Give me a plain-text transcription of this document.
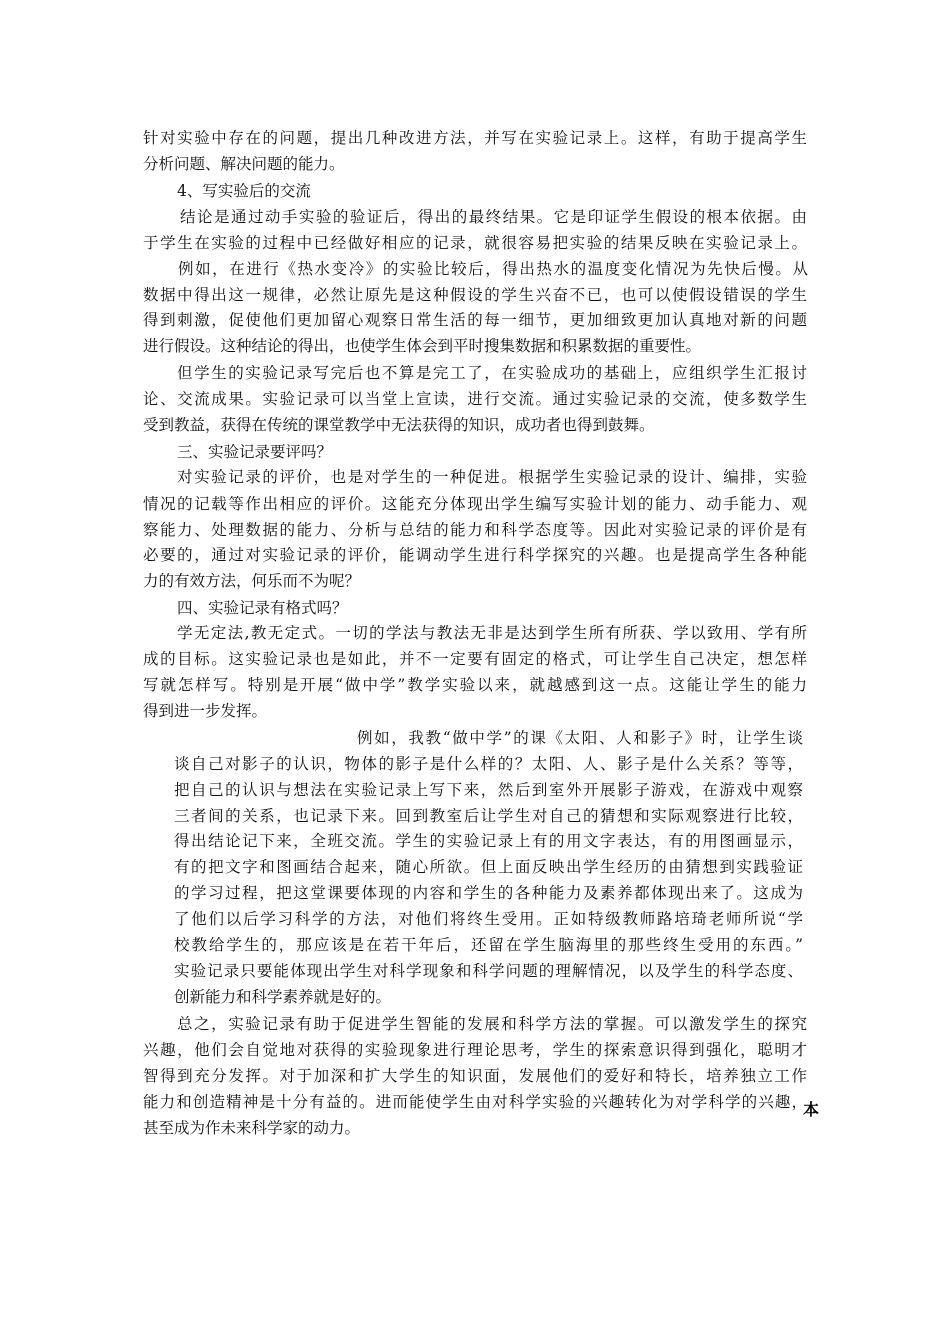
针对实验中存在的问题，提出几种改进方法，并写在实验记录上。这样，有助于提高学生
分析问题、解决问题的能力。
4、写实验后的交流
结论是通过动手实验的验证后，得出的最终结果。它是印证学生假设的根本依据。由
于学生在实验的过程中已经做好相应的记录，就很容易把实验的结果反映在实验记录上。
例如，在进行《热水变冷》的实验比较后，得出热水的温度变化情况为先快后慢。从
数据中得出这一规律，必然让原先是这种假设的学生兴奋不已，也可以使假设错误的学生
得到刺激，促使他们更加留心观察日常生活的每一细节，更加细致更加认真地对新的问题
进行假设。这种结论的得出，也使学生体会到平时搜集数据和积累数据的重要性。
但学生的实验记录写完后也不算是完工了，在实验成功的基础上，应组织学生汇报讨
论、交流成果。实验记录可以当堂上宣读，进行交流。通过实验记录的交流，使多数学生
受到教益，获得在传统的课堂教学中无法获得的知识，成功者也得到鼓舞。
三、实验记录要评吗？
对实验记录的评价，也是对学生的一种促进。根据学生实验记录的设计、编排，实验
情况的记载等作出相应的评价。这能充分体现出学生编写实验计划的能力、动手能力、观
察能力、处理数据的能力、分析与总结的能力和科学态度等。因此对实验记录的评价是有
必要的，通过对实验记录的评价，能调动学生进行科学探究的兴趣。也是提高学生各种能
力的有效方法，何乐而不为呢？
四、实验记录有格式吗？
学无定法,教无定式。一切的学法与教法无非是达到学生所有所获、学以致用、学有所
成的目标。这实验记录也是如此，并不一定要有固定的格式，可让学生自己决定，想怎样
写就怎样写。特别是开展“做中学”教学实验以来，就越感到这一点。这能让学生的能力
得到进一步发挥。
例如，我教“做中学”的课《太阳、人和影子》时，让学生谈
谈自己对影子的认识，物体的影子是什么样的？太阳、人、影子是什么关系？等等，
把自己的认识与想法在实验记录上写下来，然后到室外开展影子游戏，在游戏中观察
三者间的关系，也记录下来。回到教室后让学生对自己的猜想和实际观察进行比较，
得出结论记下来，全班交流。学生的实验记录上有的用文字表达，有的用图画显示，
有的把文字和图画结合起来，随心所欲。但上面反映出学生经历的由猜想到实践验证
的学习过程，把这堂课要体现的内容和学生的各种能力及素养都体现出来了。这成为
了他们以后学习科学的方法，对他们将终生受用。正如特级教师路培琦老师所说“学
校教给学生的，那应该是在若干年后，还留在学生脑海里的那些终生受用的东西。”
实验记录只要能体现出学生对科学现象和科学问题的理解情况，以及学生的科学态度、
创新能力和科学素养就是好的。
总之，实验记录有助于促进学生智能的发展和科学方法的掌握。可以激发学生的探究
兴趣，他们会自觉地对获得的实验现象进行理论思考，学生的探索意识得到强化，聪明才
智得到充分发挥。对于加深和扩大学生的知识面，发展他们的爱好和特长，培养独立工作
能力和创造精神是十分有益的。进而能使学生由对科学实验的兴趣转化为对学科学的兴趣，
甚至成为作未来科学家的动力。
本
